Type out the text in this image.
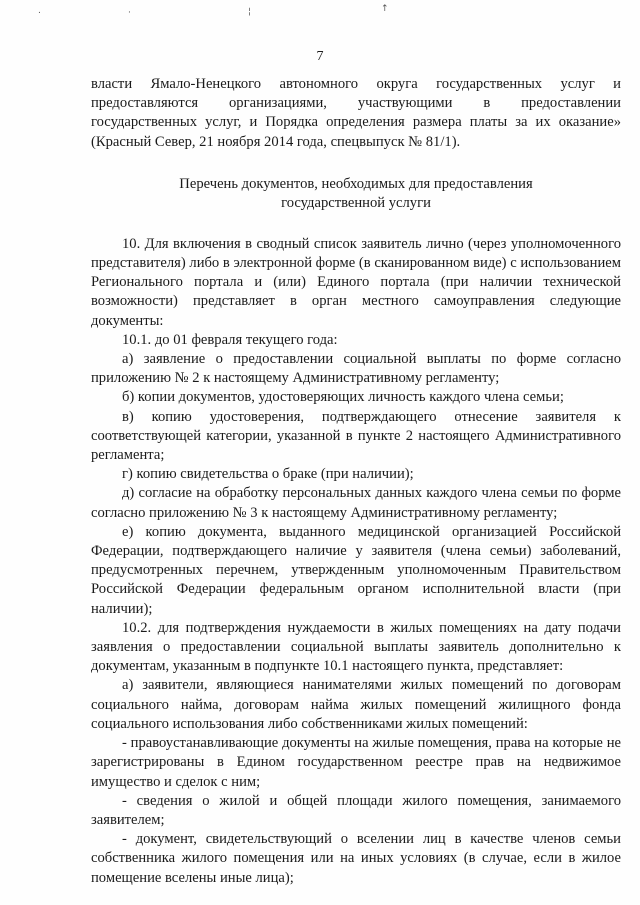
.	↑
·	¦
7

власти Ямало-Ненецкого автономного округа государственных услуг и предоставляются организациями, участвующими в предоставлении государственных услуг, и Порядка определения размера платы за их оказание» (Красный Север, 21 ноября 2014 года, спецвыпуск № 81/1).

Перечень документов, необходимых для предоставления
государственной услуги

10. Для включения в сводный список заявитель лично (через уполномоченного представителя) либо в электронной форме (в сканированном виде) с использованием Регионального портала и (или) Единого портала (при наличии технической возможности) представляет в орган местного самоуправления следующие документы:

10.1. до 01 февраля текущего года:

а) заявление о предоставлении социальной выплаты по форме согласно приложению № 2 к настоящему Административному регламенту;

б) копии документов, удостоверяющих личность каждого члена семьи;

в) копию удостоверения, подтверждающего отнесение заявителя к соответствующей категории, указанной в пункте 2 настоящего Административного регламента;

г) копию свидетельства о браке (при наличии);

д) согласие на обработку персональных данных каждого члена семьи по форме согласно приложению № 3 к настоящему Административному регламенту;

е) копию документа, выданного медицинской организацией Российской Федерации, подтверждающего наличие у заявителя (члена семьи) заболеваний, предусмотренных перечнем, утвержденным уполномоченным Правительством Российской Федерации федеральным органом исполнительной власти (при наличии);

10.2. для подтверждения нуждаемости в жилых помещениях на дату подачи заявления о предоставлении социальной выплаты заявитель дополнительно к документам, указанным в подпункте 10.1 настоящего пункта, представляет:

а) заявители, являющиеся нанимателями жилых помещений по договорам социального найма, договорам найма жилых помещений жилищного фонда социального использования либо собственниками жилых помещений:

- правоустанавливающие документы на жилые помещения, права на которые не зарегистрированы в Едином государственном реестре прав на недвижимое имущество и сделок с ним;

- сведения о жилой и общей площади жилого помещения, занимаемого заявителем;

- документ, свидетельствующий о вселении лиц в качестве членов семьи собственника жилого помещения или на иных условиях (в случае, если в жилое помещение вселены иные лица);
